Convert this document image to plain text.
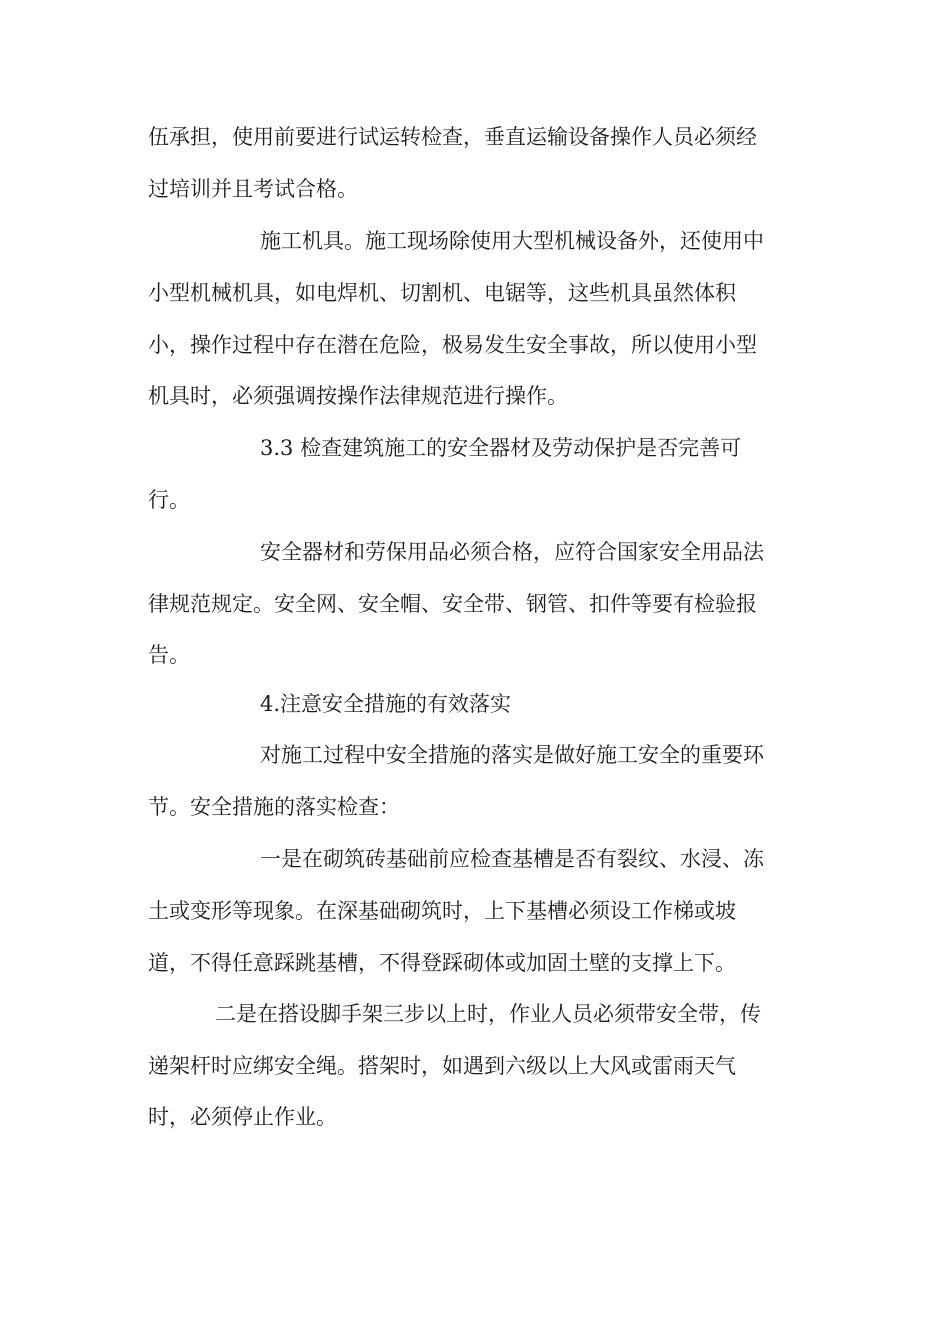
伍承担，使用前要进行试运转检查，垂直运输设备操作人员必须经
过培训并且考试合格。
施工机具。施工现场除使用大型机械设备外，还使用中
小型机械机具，如电焊机、切割机、电锯等，这些机具虽然体积
小，操作过程中存在潜在危险，极易发生安全事故，所以使用小型
机具时，必须强调按操作法律规范进行操作。
3.3 检查建筑施工的安全器材及劳动保护是否完善可
行。
安全器材和劳保用品必须合格，应符合国家安全用品法
律规范规定。安全网、安全帽、安全带、钢管、扣件等要有检验报
告。
4.注意安全措施的有效落实
对施工过程中安全措施的落实是做好施工安全的重要环
节。安全措施的落实检查：
一是在砌筑砖基础前应检查基槽是否有裂纹、水浸、冻
土或变形等现象。在深基础砌筑时，上下基槽必须设工作梯或坡
道，不得任意踩跳基槽，不得登踩砌体或加固土壁的支撑上下。
二是在搭设脚手架三步以上时，作业人员必须带安全带，传
递架杆时应绑安全绳。搭架时，如遇到六级以上大风或雷雨天气
时，必须停止作业。
